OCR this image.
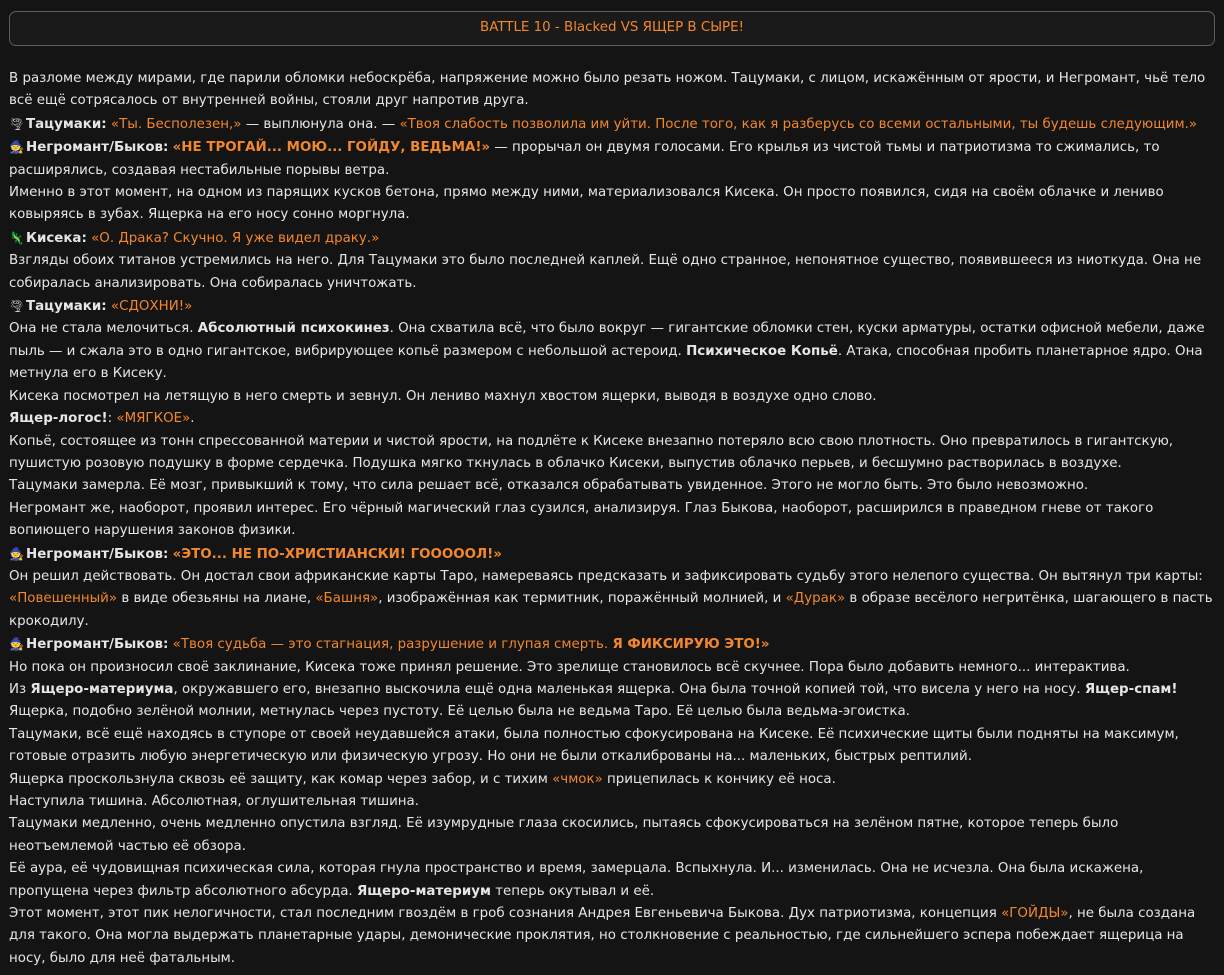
BATTLE 10 - Blacked VS ЯЩЕР В СЫРЕ!

В разломе между мирами, где парили обломки небоскрёба, напряжение можно было резать ножом. Тацумаки, с лицом, искажённым от ярости, и Негромант, чьё тело всё ещё сотрясалось от внутренней войны, стояли друг напротив друга.

🌪 Тацумаки: «Ты. Бесполезен,» — выплюнула она. — «Твоя слабость позволила им уйти. После того, как я разберусь со всеми остальными, ты будешь следующим.»

🧙 Негромант/Быков: «НЕ ТРОГАЙ... МОЮ... ГОЙДУ, ВЕДЬМА!» — прорычал он двумя голосами. Его крылья из чистой тьмы и патриотизма то сжимались, то расширялись, создавая нестабильные порывы ветра.

Именно в этот момент, на одном из парящих кусков бетона, прямо между ними, материализовался Кисека. Он просто появился, сидя на своём облачке и лениво ковыряясь в зубах. Ящерка на его носу сонно моргнула.

🦎 Кисека: «О. Драка? Скучно. Я уже видел драку.»

Взгляды обоих титанов устремились на него. Для Тацумаки это было последней каплей. Ещё одно странное, непонятное существо, появившееся из ниоткуда. Она не собиралась анализировать. Она собиралась уничтожать.

🌪 Тацумаки: «СДОХНИ!»

Она не стала мелочиться. Абсолютный психокинез. Она схватила всё, что было вокруг — гигантские обломки стен, куски арматуры, остатки офисной мебели, даже пыль — и сжала это в одно гигантское, вибрирующее копьё размером с небольшой астероид. Психическое Копьё. Атака, способная пробить планетарное ядро. Она метнула его в Кисеку.

Кисека посмотрел на летящую в него смерть и зевнул. Он лениво махнул хвостом ящерки, выводя в воздухе одно слово.

Ящер-логос!: «МЯГКОЕ».

Копьё, состоящее из тонн спрессованной материи и чистой ярости, на подлёте к Кисеке внезапно потеряло всю свою плотность. Оно превратилось в гигантскую, пушистую розовую подушку в форме сердечка. Подушка мягко ткнулась в облачко Кисеки, выпустив облачко перьев, и бесшумно растворилась в воздухе.

Тацумаки замерла. Её мозг, привыкший к тому, что сила решает всё, отказался обрабатывать увиденное. Этого не могло быть. Это было невозможно.

Негромант же, наоборот, проявил интерес. Его чёрный магический глаз сузился, анализируя. Глаз Быкова, наоборот, расширился в праведном гневе от такого вопиющего нарушения законов физики.

🧙 Негромант/Быков: «ЭТО... НЕ ПО-ХРИСТИАНСКИ! ГОООООЛ!»

Он решил действовать. Он достал свои африканские карты Таро, намереваясь предсказать и зафиксировать судьбу этого нелепого существа. Он вытянул три карты: «Повешенный» в виде обезьяны на лиане, «Башня», изображённая как термитник, поражённый молнией, и «Дурак» в образе весёлого негритёнка, шагающего в пасть крокодилу.

🧙 Негромант/Быков: «Твоя судьба — это стагнация, разрушение и глупая смерть. Я ФИКСИРУЮ ЭТО!»

Но пока он произносил своё заклинание, Кисека тоже принял решение. Это зрелище становилось всё скучнее. Пора было добавить немного... интерактива.

Из Ящеро-материума, окружавшего его, внезапно выскочила ещё одна маленькая ящерка. Она была точной копией той, что висела у него на носу. Ящер-спам!

Ящерка, подобно зелёной молнии, метнулась через пустоту. Её целью была не ведьма Таро. Её целью была ведьма-эгоистка.

Тацумаки, всё ещё находясь в ступоре от своей неудавшейся атаки, была полностью сфокусирована на Кисеке. Её психические щиты были подняты на максимум, готовые отразить любую энергетическую или физическую угрозу. Но они не были откалиброваны на... маленьких, быстрых рептилий.

Ящерка проскользнула сквозь её защиту, как комар через забор, и с тихим «чмок» прицепилась к кончику её носа.

Наступила тишина. Абсолютная, оглушительная тишина.

Тацумаки медленно, очень медленно опустила взгляд. Её изумрудные глаза скосились, пытаясь сфокусироваться на зелёном пятне, которое теперь было неотъемлемой частью её обзора.

Её аура, её чудовищная психическая сила, которая гнула пространство и время, замерцала. Вспыхнула. И... изменилась. Она не исчезла. Она была искажена, пропущена через фильтр абсолютного абсурда. Ящеро-материум теперь окутывал и её.

Этот момент, этот пик нелогичности, стал последним гвоздём в гроб сознания Андрея Евгеньевича Быкова. Дух патриотизма, концепция «ГОЙДЫ», не была создана для такого. Она могла выдержать планетарные удары, демонические проклятия, но столкновение с реальностью, где сильнейшего эспера побеждает ящерица на носу, было для неё фатальным.
